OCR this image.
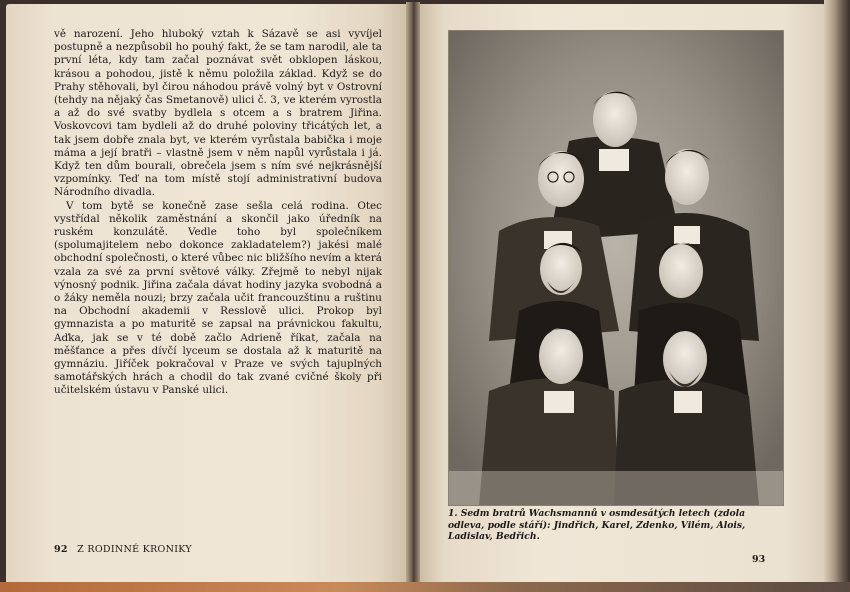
vě narození. Jeho hluboký vztah k Sázavě se asi vyvíjel postupně a nezpůsobil ho pouhý fakt, že se tam narodil, ale ta první léta, kdy tam začal poznávat svět obklopen láskou, krásou a pohodou, jistě k němu položila základ. Když se do Prahy stěhovali, byl čirou náhodou právě volný byt v Ostrovní (tehdy na nějaký čas Smetanově) ulici č. 3, ve kterém vyrostla a až do své svatby bydlela s otcem a s bratrem Jiřina. Voskovcovi tam bydleli až do druhé poloviny třicátých let, a tak jsem dobře znala byt, ve kterém vyrůstala babička i moje máma a její bratři – vlastně jsem v něm napůl vyrůstala i já. Když ten dům bourali, obrečela jsem s ním své nejkrásnější vzpomínky. Teď na tom místě stojí administrativní budova Národního divadla.

V tom bytě se konečně zase sešla celá rodina. Otec vystřídal několik zaměstnání a skončil jako úředník na ruském konzulátě. Vedle toho byl společníkem (spolumajitelem nebo dokonce zakladatelem?) jakési malé obchodní společnosti, o které vůbec nic bližšího nevím a která vzala za své za první světové války. Zřejmě to nebyl nijak výnosný podnik. Jiřina začala dávat hodiny jazyka svobodná a o žáky neměla nouzi; brzy začala učit francouzštinu a ruštinu na Obchodní akademii v Resslově ulici. Prokop byl gymnazista a po maturitě se zapsal na právnickou fakultu, Aďka, jak se v té době začlo Adrieně říkat, začala na měšťance a přes dívčí lyceum se dostala až k maturitě na gymnáziu. Jiříček pokračoval v Praze ve svých tajuplných samotářských hrách a chodil do tak zvané cvičné školy při učitelském ústavu v Panské ulici.

92 Z RODINNÉ KRONIKY
1. Sedm bratrů Wachsmannů v osmdesátých letech (zdola odleva, podle stáří): Jindřich, Karel, Zdenko, Vilém, Alois, Ladislav, Bedřich.
93
